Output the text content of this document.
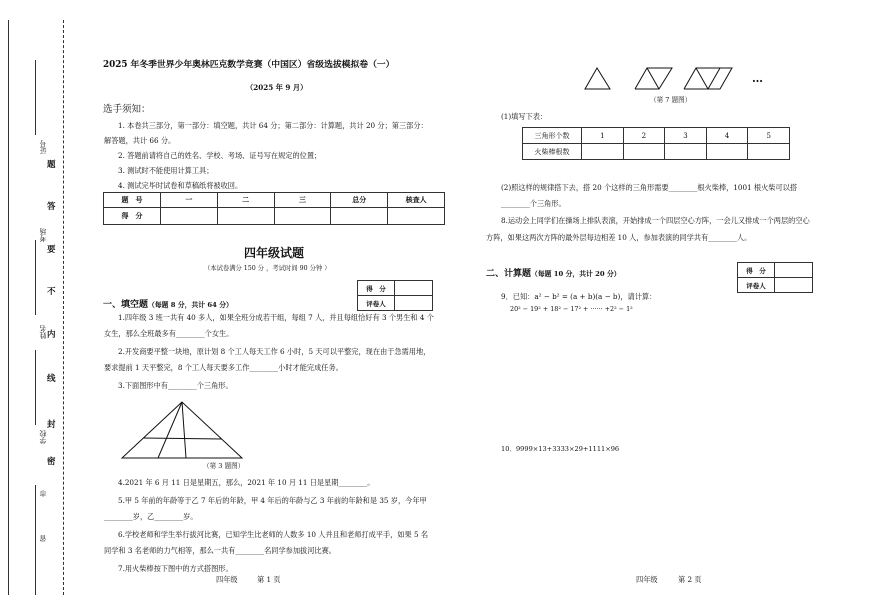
证号
考场
姓名
学校
市
省
密
封
线
内
不
要
答
题
2025 年冬季世界少年奥林匹克数学竞赛（中国区）省级选拔模拟卷（一）
（2025 年 9 月）
选手须知：
1. 本卷共三部分，第一部分：填空题，共计 64 分；第二部分：计算题，共计 20 分；第三部分：
解答题，共计 66 分。
2. 答题前请将自己的姓名、学校、考场、证号写在规定的位置；
3. 测试时不能使用计算工具；
4. 测试完毕时试卷和草稿纸将被收回。
题　号	一	二	三	总分	核查人
得　分					
四年级试题
（本试卷满分 150 分 ，考试时间 90 分钟 ）
得　分	
评卷人	
一、填空题（每题 8 分，共计 64 分）
1.四年级 3 班一共有 40 多人，如果全班分成若干组，每组 7 人，并且每组恰好有 3 个男生和 4 个
女生，那么全班最多有________个女生。
2.开发商要平整一块地，原计划 8 个工人每天工作 6 小时，5 天可以平整完，现在由于急需用地，
要求提前 1 天平整完，8 个工人每天要多工作________小时才能完成任务。
3.下面图形中有________个三角形。
（第 3 题图）
4.2021 年 6 月 11 日是星期五，那么，2021 年 10 月 11 日是星期________。
5.甲 5 年前的年龄等于乙 7 年后的年龄，甲 4 年后的年龄与乙 3 年前的年龄和是 35 岁，今年甲
________岁，乙________岁。
6.学校老师和学生举行拔河比赛，已知学生比老师的人数多 10 人并且和老师打成平手，如果 5 名
同学和 3 名老师的力气相等，那么一共有________名同学参加拔河比赛。
7.用火柴棒按下图中的方式搭图形。
四年级	第 1 页
…
（第 7 题图）
(1)填写下表：
三角形个数	1	2	3	4	5
火柴棒根数					
(2)照这样的规律搭下去，搭 20 个这样的三角形需要________根火柴棒，1001 根火柴可以搭
________个三角形。
8.运动会上同学们在操场上排队表演，开始排成一个四层空心方阵，一会儿又排成一个两层的空心
方阵，如果这两次方阵的最外层每边相差 10 人，参加表演的同学共有________人。
二、计算题（每题 10 分，共计 20 分）	得　分	
评卷人	
9．已知：a² − b² = (a + b)(a − b)，请计算：
20² − 19² + 18² − 17² + ······ +2² − 1²
10．9999×13+3333×29+1111×96
四年级	第 2 页
